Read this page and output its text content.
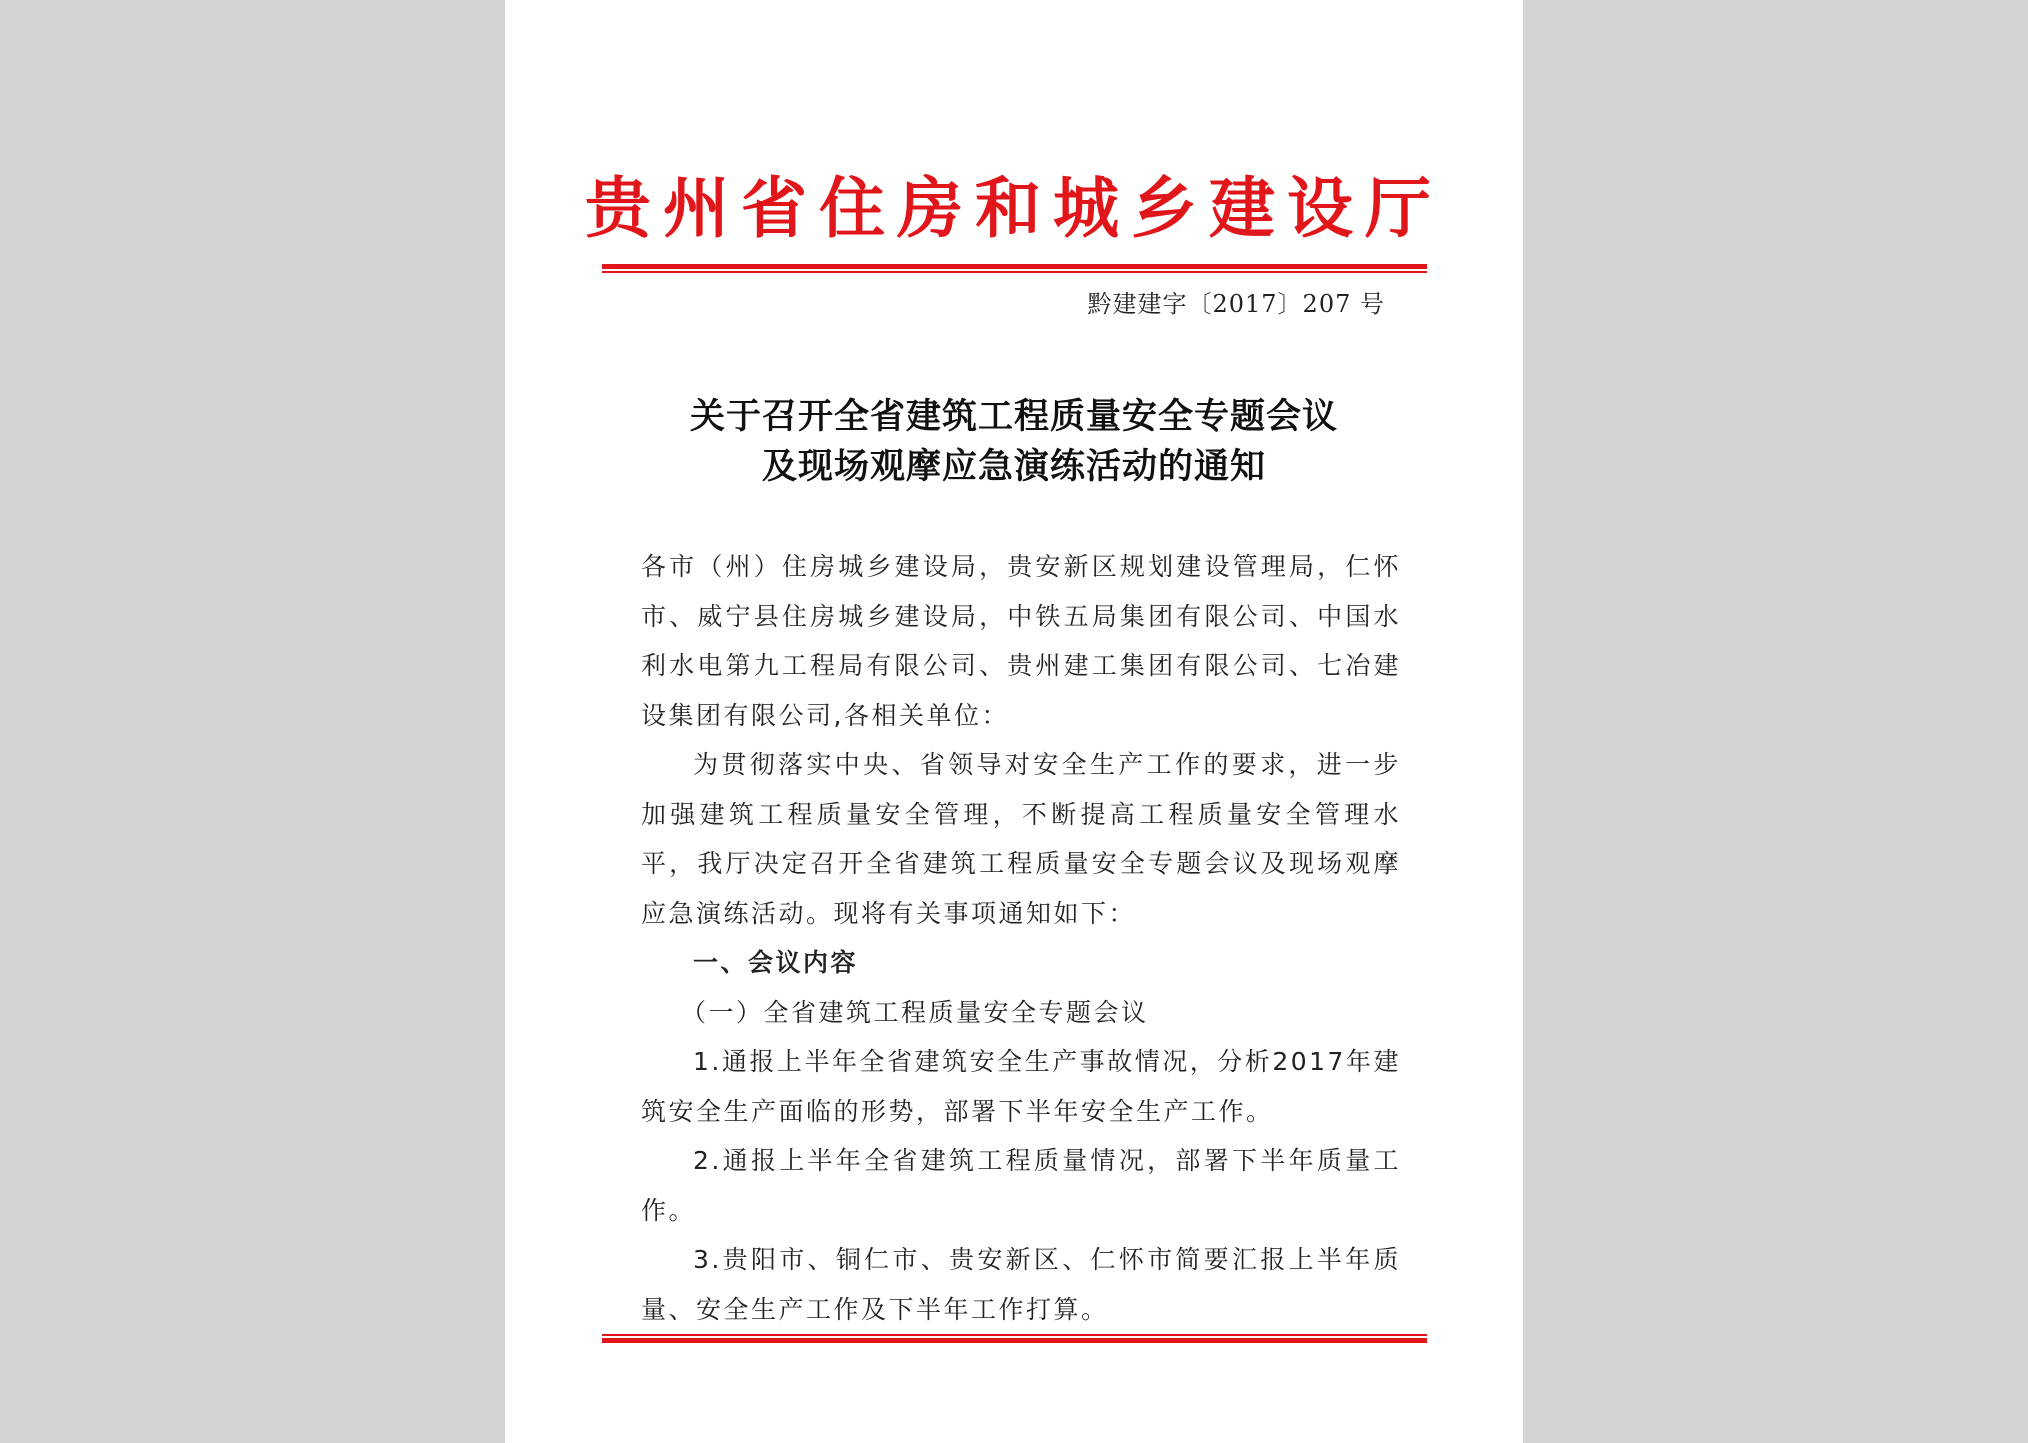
贵州省住房和城乡建设厅
黔建建字〔2017〕207 号
关于召开全省建筑工程质量安全专题会议
及现场观摩应急演练活动的通知

各市（州）住房城乡建设局，贵安新区规划建设管理局，仁怀市、威宁县住房城乡建设局，中铁五局集团有限公司、中国水利水电第九工程局有限公司、贵州建工集团有限公司、七冶建设集团有限公司,各相关单位：

为贯彻落实中央、省领导对安全生产工作的要求，进一步加强建筑工程质量安全管理，不断提高工程质量安全管理水平，我厅决定召开全省建筑工程质量安全专题会议及现场观摩应急演练活动。现将有关事项通知如下：

一、会议内容

（一）全省建筑工程质量安全专题会议

1.通报上半年全省建筑安全生产事故情况，分析2017年建筑安全生产面临的形势，部署下半年安全生产工作。

2.通报上半年全省建筑工程质量情况，部署下半年质量工作。

3.贵阳市、铜仁市、贵安新区、仁怀市简要汇报上半年质量、安全生产工作及下半年工作打算。
